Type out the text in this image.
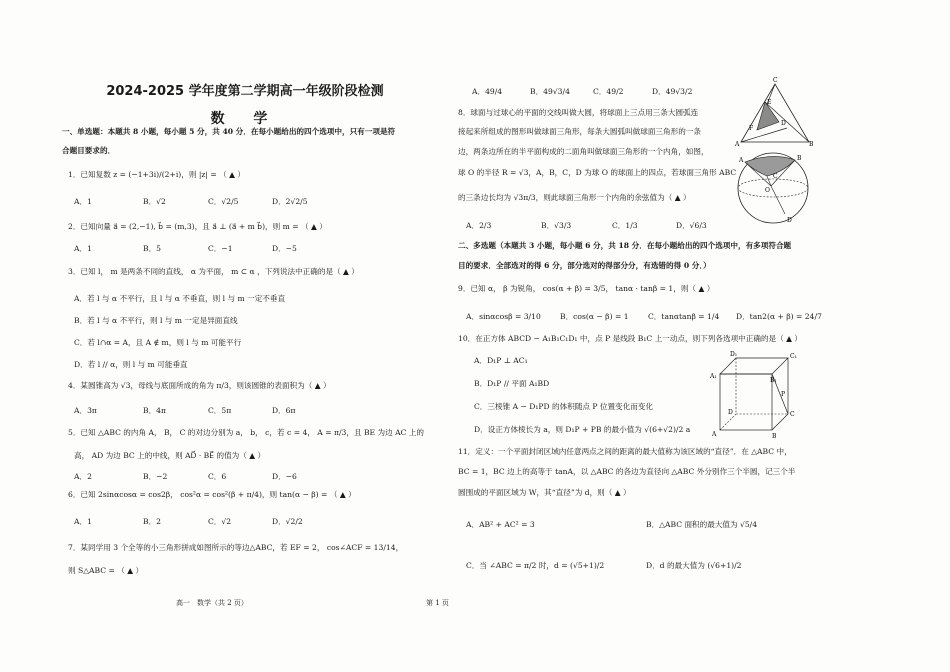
2024-2025 学年度第二学期高一年级阶段检测
数 学
一、单选题：本题共 8 小题，每小题 5 分，共 40 分．在每小题给出的四个选项中，只有一项是符
合题目要求的．
1．已知复数 z = (−1+3i)/(2+i)，则 |z| = （ ▲ ）
A．1	B．√2	C．√2/5	D．2√2/5
2．已知向量 a⃗ = (2,−1), b⃗ = (m,3)，且 a⃗ ⊥ (a⃗ + m b⃗)，则 m = （ ▲ ）
A．1	B．5	C．−1	D．−5
3．已知 l， m 是两条不同的直线， α 为平面， m ⊂ α ，下列说法中正确的是（ ▲ ）
A．若 l 与 α 不平行，且 l 与 α 不垂直，则 l 与 m 一定不垂直
B．若 l 与 α 不平行，则 l 与 m 一定是异面直线
C．若 l∩α = A，且 A ∉ m，则 l 与 m 可能平行
D．若 l // α，则 l 与 m 可能垂直
4．某圆锥高为 √3，母线与底面所成的角为 π/3，则该圆锥的表面积为（ ▲ ）
A．3π	B．4π	C．5π	D．6π
5．已知 △ABC 的内角 A， B， C 的对边分别为 a， b， c，若 c = 4， A = π/3，且 BE 为边 AC 上的
高， AD 为边 BC 上的中线，则 AD⃗ · BE⃗ 的值为（ ▲ ）
A．2	B．−2	C．6	D．−6
6．已知 2sinαcosα = cos2β， cos²α = cos²(β + π/4)，则 tan(α − β) = （ ▲ ）
A．1	B．2	C．√2	D．√2/2
7．某同学用 3 个全等的小三角形拼成如图所示的等边△ABC，若 EF = 2， cos∠ACF = 13/14，
则 S△ABC = （ ▲ ）
高一　数学（共 2 页）	第 1 页
A．49/4	B．49√3/4	C．49/2	D．49√3/2
C
F
E
D
A	B
8．球面与过球心的平面的交线叫做大圆，将球面上三点用三条大圆弧连
接起来所组成的图形叫做球面三角形，每条大圆弧叫做球面三角形的一条
边，两条边所在的半平面构成的二面角叫做球面三角形的一个内角，如图，
球 O 的半径 R = √3，A，B，C，D 为球 O 的球面上的四点，若球面三角形 ABC
的三条边长均为 √3π/3，则此球面三角形一个内角的余弦值为（ ▲ ）
A．2/3	B．√3/3	C．1/3	D．√6/3
A	B
C
O
D
二、多选题（本题共 3 小题，每小题 6 分，共 18 分．在每小题给出的四个选项中，有多项符合题
目的要求．全部选对的得 6 分，部分选对的得部分分，有选错的得 0 分．）
9．已知 α， β 为锐角， cos(α + β) = 3/5， tanα · tanβ = 1，则（ ▲ ）
A．sinαcosβ = 3/10	B．cos(α − β) = 1	C．tanαtanβ = 1/4 D．tan2(α + β) = 24/7
10．在正方体 ABCD − A₁B₁C₁D₁ 中，点 P 是线段 B₁C 上一动点，则下列各选项中正确的是（ ▲ ）
A．D₁P ⊥ AC₁
B．D₁P // 平面 A₁BD
C．三棱锥 A − D₁PD 的体积随点 P 位置变化而变化
D．设正方体棱长为 a，则 D₁P + PB 的最小值为 √(6+√2)/2 a
D₁	C₁
A₁
B₁
P
D	C
A	B
11．定义：一个平面封闭区域内任意两点之间的距离的最大值称为该区域的“直径”．在 △ABC 中，
BC = 1，BC 边上的高等于 tanA，以 △ABC 的各边为直径向 △ABC 外分别作三个半圆，记三个半
圆围成的平面区域为 W，其“直径”为 d，则（ ▲ ）
A．AB² + AC² = 3	B．△ABC 面积的最大值为 √5/4
C．当 ∠ABC = π/2 时，d = (√5+1)/2	D．d 的最大值为 (√6+1)/2
